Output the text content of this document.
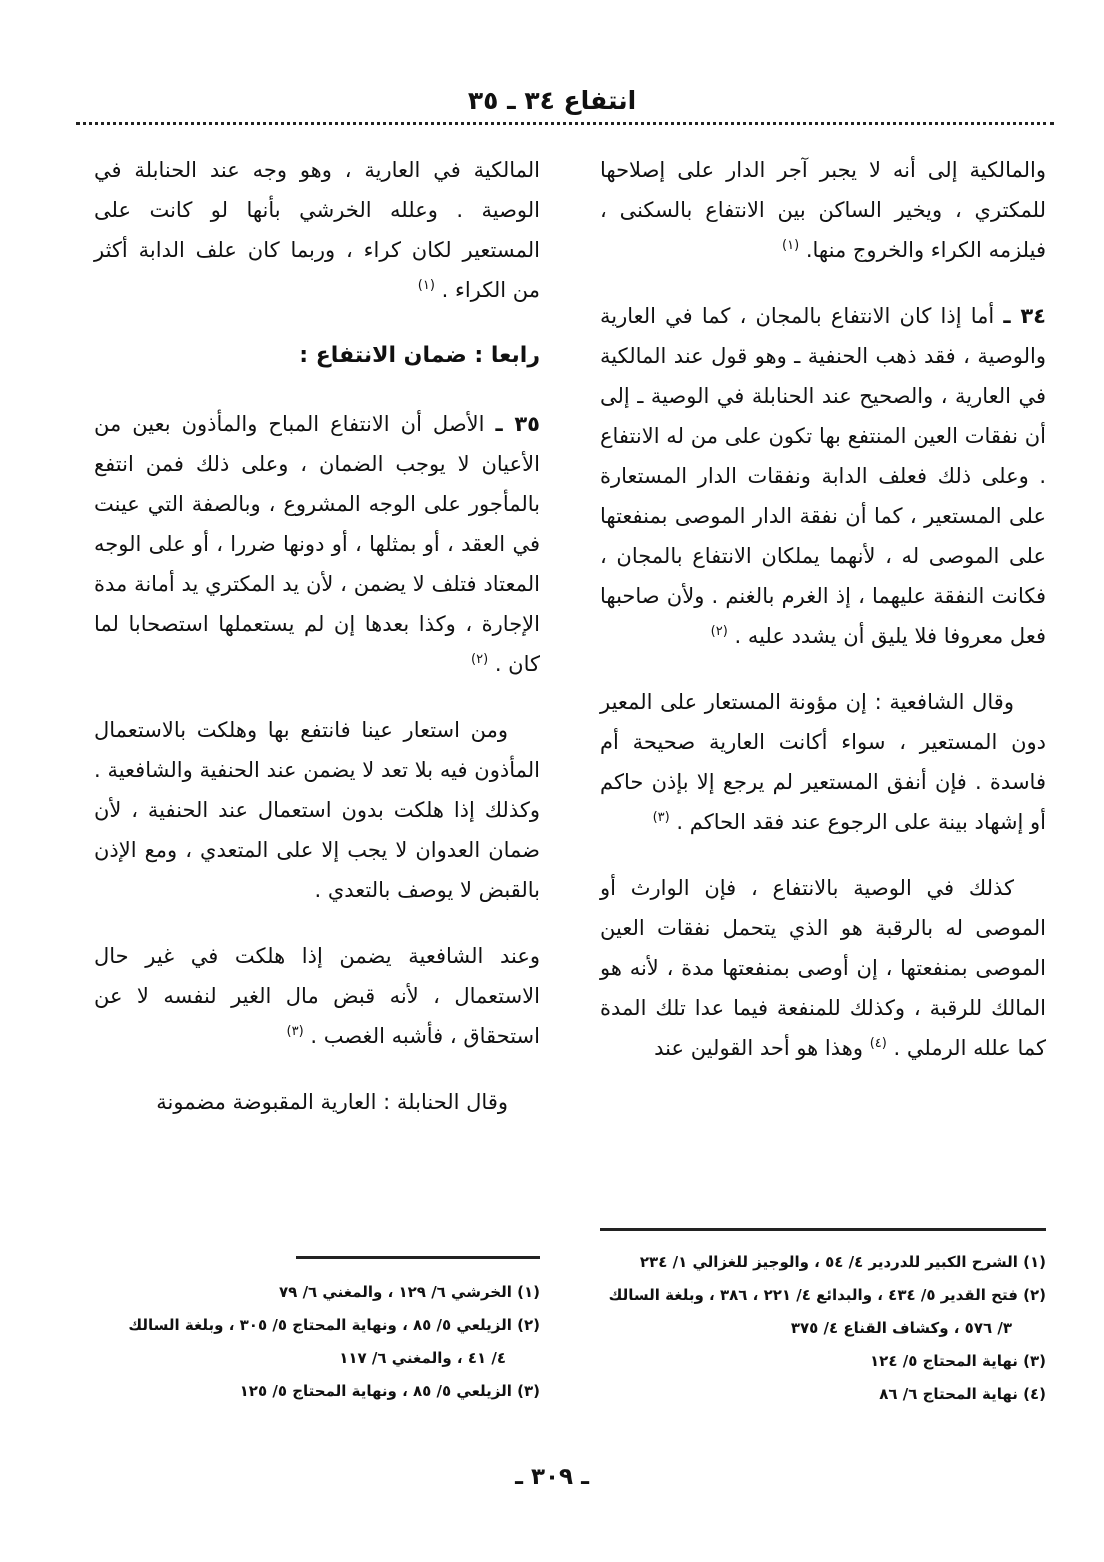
انتفاع ٣٤ ـ ٣٥

والمالكية إلى أنه لا يجبر آجر الدار على إصلاحها للمكتري ، ويخير الساكن بين الانتفاع بالسكنى ، فيلزمه الكراء والخروج منها. $^{(١)}$

٣٤ ـ أما إذا كان الانتفاع بالمجان ، كما في العارية والوصية ، فقد ذهب الحنفية ـ وهو قول عند المالكية في العارية ، والصحيح عند الحنابلة في الوصية ـ إلى أن نفقات العين المنتفع بها تكون على من له الانتفاع . وعلى ذلك فعلف الدابة ونفقات الدار المستعارة على المستعير ، كما أن نفقة الدار الموصى بمنفعتها على الموصى له ، لأنهما يملكان الانتفاع بالمجان ، فكانت النفقة عليهما ، إذ الغرم بالغنم . ولأن صاحبها فعل معروفا فلا يليق أن يشدد عليه . $^{(٢)}$

وقال الشافعية : إن مؤونة المستعار على المعير دون المستعير ، سواء أكانت العارية صحيحة أم فاسدة . فإن أنفق المستعير لم يرجع إلا بإذن حاكم أو إشهاد بينة على الرجوع عند فقد الحاكم . $^{(٣)}$

كذلك في الوصية بالانتفاع ، فإن الوارث أو الموصى له بالرقبة هو الذي يتحمل نفقات العين الموصى بمنفعتها ، إن أوصى بمنفعتها مدة ، لأنه هو المالك للرقبة ، وكذلك للمنفعة فيما عدا تلك المدة كما علله الرملي . $^{(٤)}$ وهذا هو أحد القولين عند

المالكية في العارية ، وهو وجه عند الحنابلة في الوصية . وعلله الخرشي بأنها لو كانت على المستعير لكان كراء ، وربما كان علف الدابة أكثر من الكراء . $^{(١)}$

رابعا : ضمان الانتفاع :

٣٥ ـ الأصل أن الانتفاع المباح والمأذون بعين من الأعيان لا يوجب الضمان ، وعلى ذلك فمن انتفع بالمأجور على الوجه المشروع ، وبالصفة التي عينت في العقد ، أو بمثلها ، أو دونها ضررا ، أو على الوجه المعتاد فتلف لا يضمن ، لأن يد المكتري يد أمانة مدة الإجارة ، وكذا بعدها إن لم يستعملها استصحابا لما كان . $^{(٢)}$

ومن استعار عينا فانتفع بها وهلكت بالاستعمال المأذون فيه بلا تعد لا يضمن عند الحنفية والشافعية . وكذلك إذا هلكت بدون استعمال عند الحنفية ، لأن ضمان العدوان لا يجب إلا على المتعدي ، ومع الإذن بالقبض لا يوصف بالتعدي .

وعند الشافعية يضمن إذا هلكت في غير حال الاستعمال ، لأنه قبض مال الغير لنفسه لا عن استحقاق ، فأشبه الغصب . $^{(٣)}$

وقال الحنابلة : العارية المقبوضة مضمونة

(١) الشرح الكبير للدردير ٤/ ٥٤ ، والوجيز للغزالي ١/ ٢٣٤
(٢) فتح القدير ٥/ ٤٣٤ ، والبدائع ٤/ ٢٢١ ، ٣٨٦ ، وبلغة السالك
٣/ ٥٧٦ ، وكشاف القناع ٤/ ٣٧٥
(٣) نهاية المحتاج ٥/ ١٢٤
(٤) نهاية المحتاج ٦/ ٨٦
(١) الخرشي ٦/ ١٢٩ ، والمغني ٦/ ٧٩
(٢) الزيلعي ٥/ ٨٥ ، ونهاية المحتاج ٥/ ٣٠٥ ، وبلغة السالك
٤/ ٤١ ، والمغني ٦/ ١١٧
(٣) الزيلعي ٥/ ٨٥ ، ونهاية المحتاج ٥/ ١٢٥
ـ ٣٠٩ ـ
